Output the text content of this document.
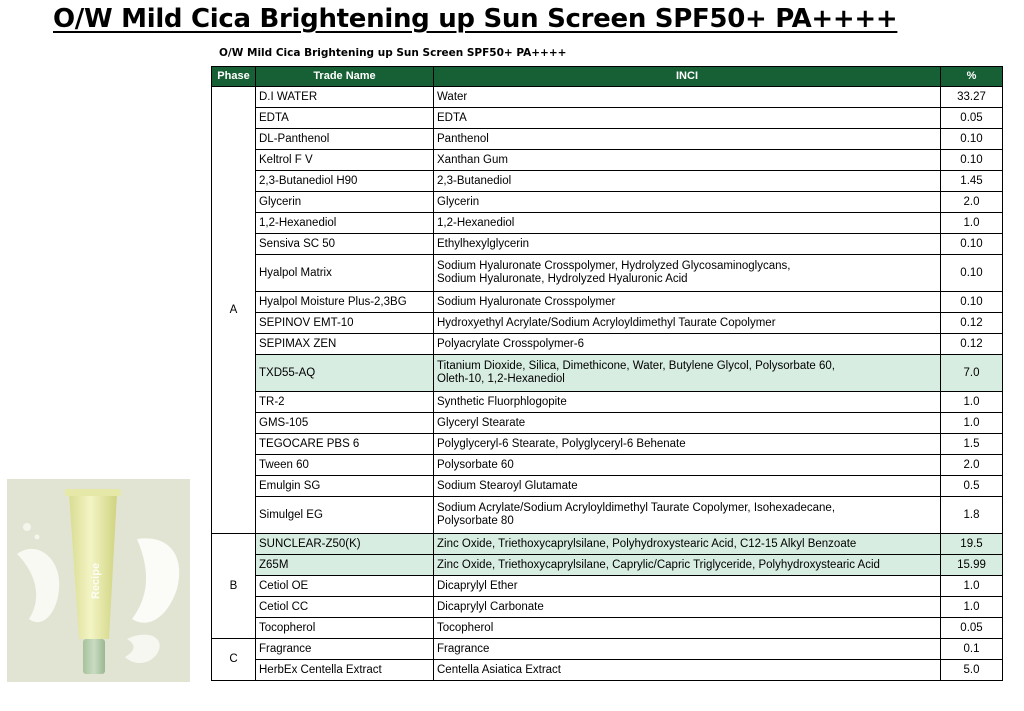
O/W Mild Cica Brightening up Sun Screen SPF50+ PA++++
O/W Mild Cica Brightening up Sun Screen SPF50+ PA++++
Phase	Trade Name	INCI	%
A	D.I WATER	Water	33.27
	EDTA	EDTA	0.05
	DL-Panthenol	Panthenol	0.10
	Keltrol F V	Xanthan Gum	0.10
	2,3-Butanediol H90	2,3-Butanediol	1.45
	Glycerin	Glycerin	2.0
	1,2-Hexanediol	1,2-Hexanediol	1.0
	Sensiva SC 50	Ethylhexylglycerin	0.10
	Hyalpol Matrix	Sodium Hyaluronate Crosspolymer, Hydrolyzed Glycosaminoglycans,
Sodium Hyaluronate, Hydrolyzed Hyaluronic Acid	0.10
	Hyalpol Moisture Plus-2,3BG	Sodium Hyaluronate Crosspolymer	0.10
	SEPINOV EMT-10	Hydroxyethyl Acrylate/Sodium Acryloyldimethyl Taurate Copolymer	0.12
	SEPIMAX ZEN	Polyacrylate Crosspolymer-6	0.12
	TXD55-AQ	Titanium Dioxide, Silica, Dimethicone, Water, Butylene Glycol, Polysorbate 60,
Oleth-10, 1,2-Hexanediol	7.0
	TR-2	Synthetic Fluorphlogopite	1.0
	GMS-105	Glyceryl Stearate	1.0
	TEGOCARE PBS 6	Polyglyceryl-6 Stearate, Polyglyceryl-6 Behenate	1.5
	Tween 60	Polysorbate 60	2.0
	Emulgin SG	Sodium Stearoyl Glutamate	0.5
	Simulgel EG	Sodium Acrylate/Sodium Acryloyldimethyl Taurate Copolymer, Isohexadecane,
Polysorbate 80	1.8
B	SUNCLEAR-Z50(K)	Zinc Oxide, Triethoxycaprylsilane, Polyhydroxystearic Acid, C12-15 Alkyl Benzoate	19.5
	Z65M	Zinc Oxide, Triethoxycaprylsilane, Caprylic/Capric Triglyceride, Polyhydroxystearic Acid	15.99
	Cetiol OE	Dicaprylyl Ether	1.0
	Cetiol CC	Dicaprylyl Carbonate	1.0
	Tocopherol	Tocopherol	0.05
C	Fragrance	Fragrance	0.1
	HerbEx Centella Extract	Centella Asiatica Extract	5.0
Recipe
